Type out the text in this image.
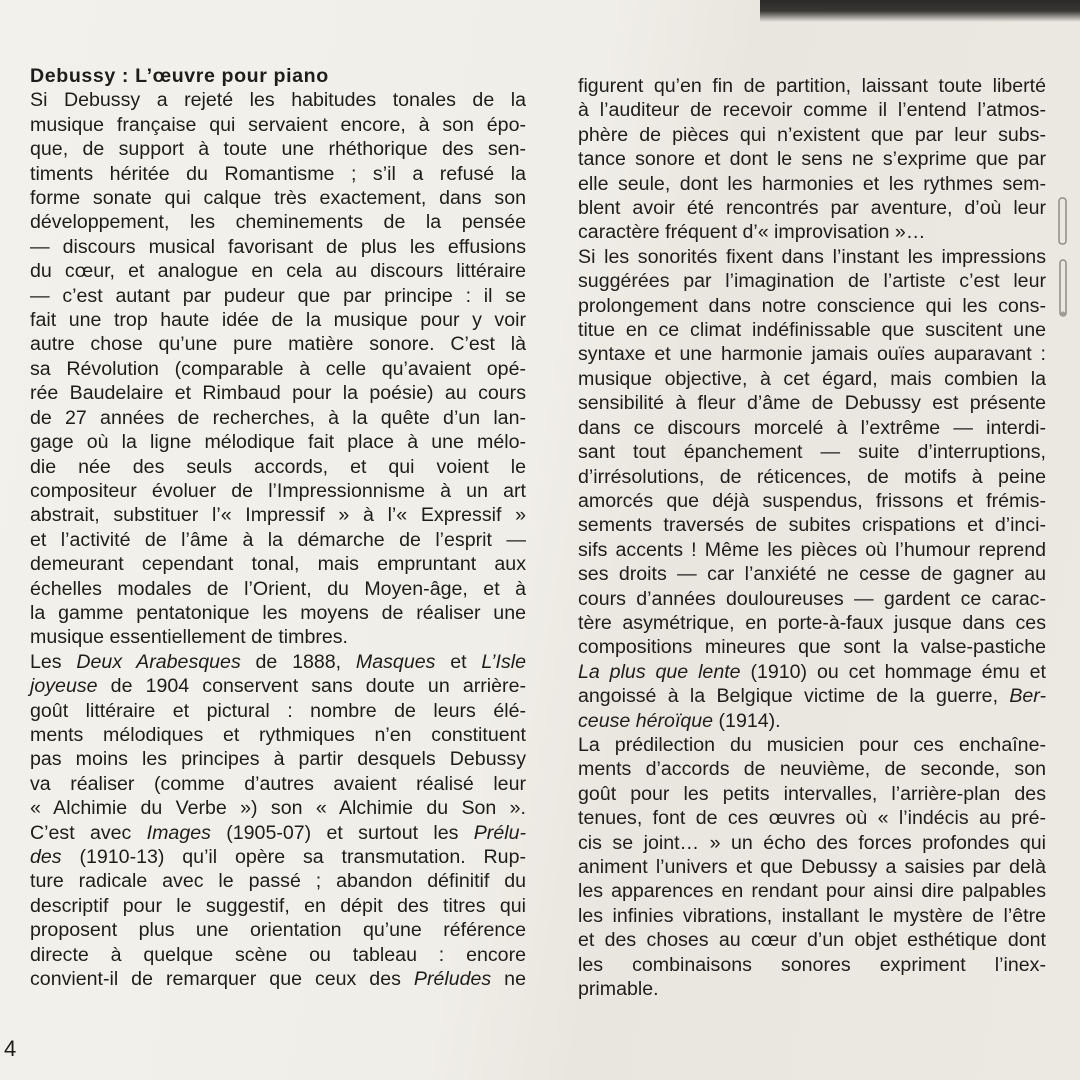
Debussy : L’œuvre pour piano
Si Debussy a rejeté les habitudes tonales de la
musique française qui servaient encore, à son épo-
que, de support à toute une rhéthorique des sen-
timents héritée du Romantisme ; s’il a refusé la
forme sonate qui calque très exactement, dans son
développement, les cheminements de la pensée
— discours musical favorisant de plus les effusions
du cœur, et analogue en cela au discours littéraire
— c’est autant par pudeur que par principe : il se
fait une trop haute idée de la musique pour y voir
autre chose qu’une pure matière sonore. C’est là
sa Révolution (comparable à celle qu’avaient opé-
rée Baudelaire et Rimbaud pour la poésie) au cours
de 27 années de recherches, à la quête d’un lan-
gage où la ligne mélodique fait place à une mélo-
die née des seuls accords, et qui voient le
compositeur évoluer de l’Impressionnisme à un art
abstrait, substituer l’« Impressif » à l’« Expressif »
et l’activité de l’âme à la démarche de l’esprit —
demeurant cependant tonal, mais empruntant aux
échelles modales de l’Orient, du Moyen-âge, et à
la gamme pentatonique les moyens de réaliser une
musique essentiellement de timbres.
Les Deux Arabesques de 1888, Masques et L’Isle
joyeuse de 1904 conservent sans doute un arrière-
goût littéraire et pictural : nombre de leurs élé-
ments mélodiques et rythmiques n’en constituent
pas moins les principes à partir desquels Debussy
va réaliser (comme d’autres avaient réalisé leur
« Alchimie du Verbe ») son « Alchimie du Son ».
C’est avec Images (1905-07) et surtout les Prélu-
des (1910-13) qu’il opère sa transmutation. Rup-
ture radicale avec le passé ; abandon définitif du
descriptif pour le suggestif, en dépit des titres qui
proposent plus une orientation qu’une référence
directe à quelque scène ou tableau : encore
convient-il de remarquer que ceux des Préludes ne
figurent qu’en fin de partition, laissant toute liberté
à l’auditeur de recevoir comme il l’entend l’atmos-
phère de pièces qui n’existent que par leur subs-
tance sonore et dont le sens ne s’exprime que par
elle seule, dont les harmonies et les rythmes sem-
blent avoir été rencontrés par aventure, d’où leur
caractère fréquent d’« improvisation »…
Si les sonorités fixent dans l’instant les impressions
suggérées par l’imagination de l’artiste c’est leur
prolongement dans notre conscience qui les cons-
titue en ce climat indéfinissable que suscitent une
syntaxe et une harmonie jamais ouïes auparavant :
musique objective, à cet égard, mais combien la
sensibilité à fleur d’âme de Debussy est présente
dans ce discours morcelé à l’extrême — interdi-
sant tout épanchement — suite d’interruptions,
d’irrésolutions, de réticences, de motifs à peine
amorcés que déjà suspendus, frissons et frémis-
sements traversés de subites crispations et d’inci-
sifs accents ! Même les pièces où l’humour reprend
ses droits — car l’anxiété ne cesse de gagner au
cours d’années douloureuses — gardent ce carac-
tère asymétrique, en porte-à-faux jusque dans ces
compositions mineures que sont la valse-pastiche
La plus que lente (1910) ou cet hommage ému et
angoissé à la Belgique victime de la guerre, Ber-
ceuse héroïque (1914).
La prédilection du musicien pour ces enchaîne-
ments d’accords de neuvième, de seconde, son
goût pour les petits intervalles, l’arrière-plan des
tenues, font de ces œuvres où « l’indécis au pré-
cis se joint… » un écho des forces profondes qui
animent l’univers et que Debussy a saisies par delà
les apparences en rendant pour ainsi dire palpables
les infinies vibrations, installant le mystère de l’être
et des choses au cœur d’un objet esthétique dont
les combinaisons sonores expriment l’inex-
primable.
4
